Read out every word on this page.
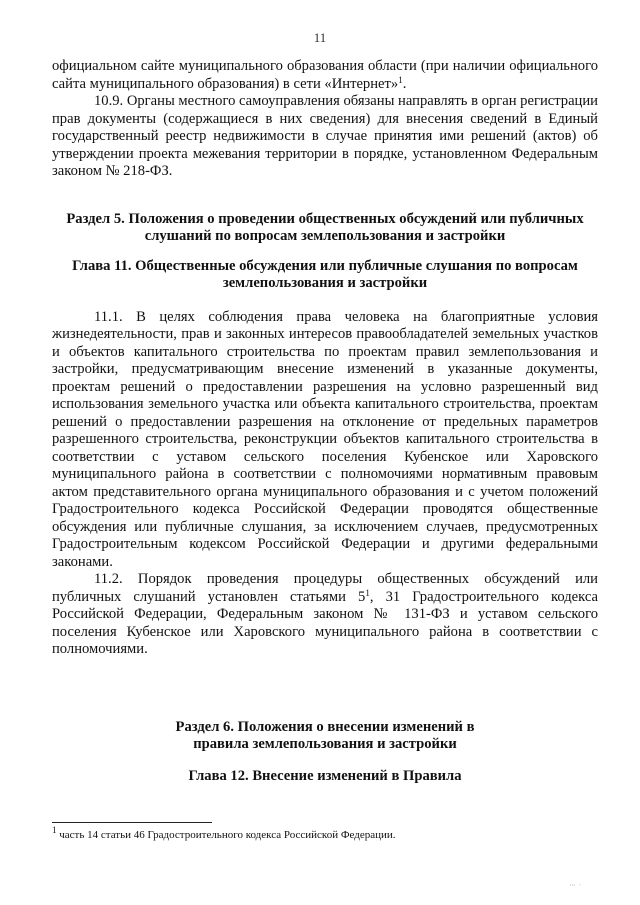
11

официальном сайте муниципального образования области (при наличии официального сайта муниципального образования) в сети «Интернет»$^1$.

10.9. Органы местного самоуправления обязаны направлять в орган регистрации прав документы (содержащиеся в них сведения) для внесения сведений в Единый государственный реестр недвижимости в случае принятия ими решений (актов) об утверждении проекта межевания территории в порядке, установленном Федеральным законом № 218-ФЗ.

Раздел 5. Положения о проведении общественных обсуждений или публичных слушаний по вопросам землепользования и застройки
Глава 11. Общественные обсуждения или публичные слушания по вопросам землепользования и застройки

11.1. В целях соблюдения права человека на благоприятные условия жизнедеятельности, прав и законных интересов правообладателей земельных участков и объектов капитального строительства по проектам правил землепользования и застройки, предусматривающим внесение изменений в указанные документы, проектам решений о предоставлении разрешения на условно разрешенный вид использования земельного участка или объекта капитального строительства, проектам решений о предоставлении разрешения на отклонение от предельных параметров разрешенного строительства, реконструкции объектов капитального строительства в соответствии с уставом сельского поселения Кубенское или Харовского муниципального района в соответствии с полномочиями нормативным правовым актом представительного органа муниципального образования и с учетом положений Градостроительного кодекса Российской Федерации проводятся общественные обсуждения или публичные слушания, за исключением случаев, предусмотренных Градостроительным кодексом Российской Федерации и другими федеральными законами.

11.2. Порядок проведения процедуры общественных обсуждений или публичных слушаний установлен статьями $5^1$, 31 Градостроительного кодекса Российской Федерации, Федеральным законом № 131-ФЗ и уставом сельского поселения Кубенское или Харовского муниципального района в соответствии с полномочиями.

Раздел 6. Положения о внесении изменений в правила землепользования и застройки
Глава 12. Внесение изменений в Правила
$^1$ часть 14 статьи 46 Градостроительного кодекса Российской Федерации.
⋯ ⋅
